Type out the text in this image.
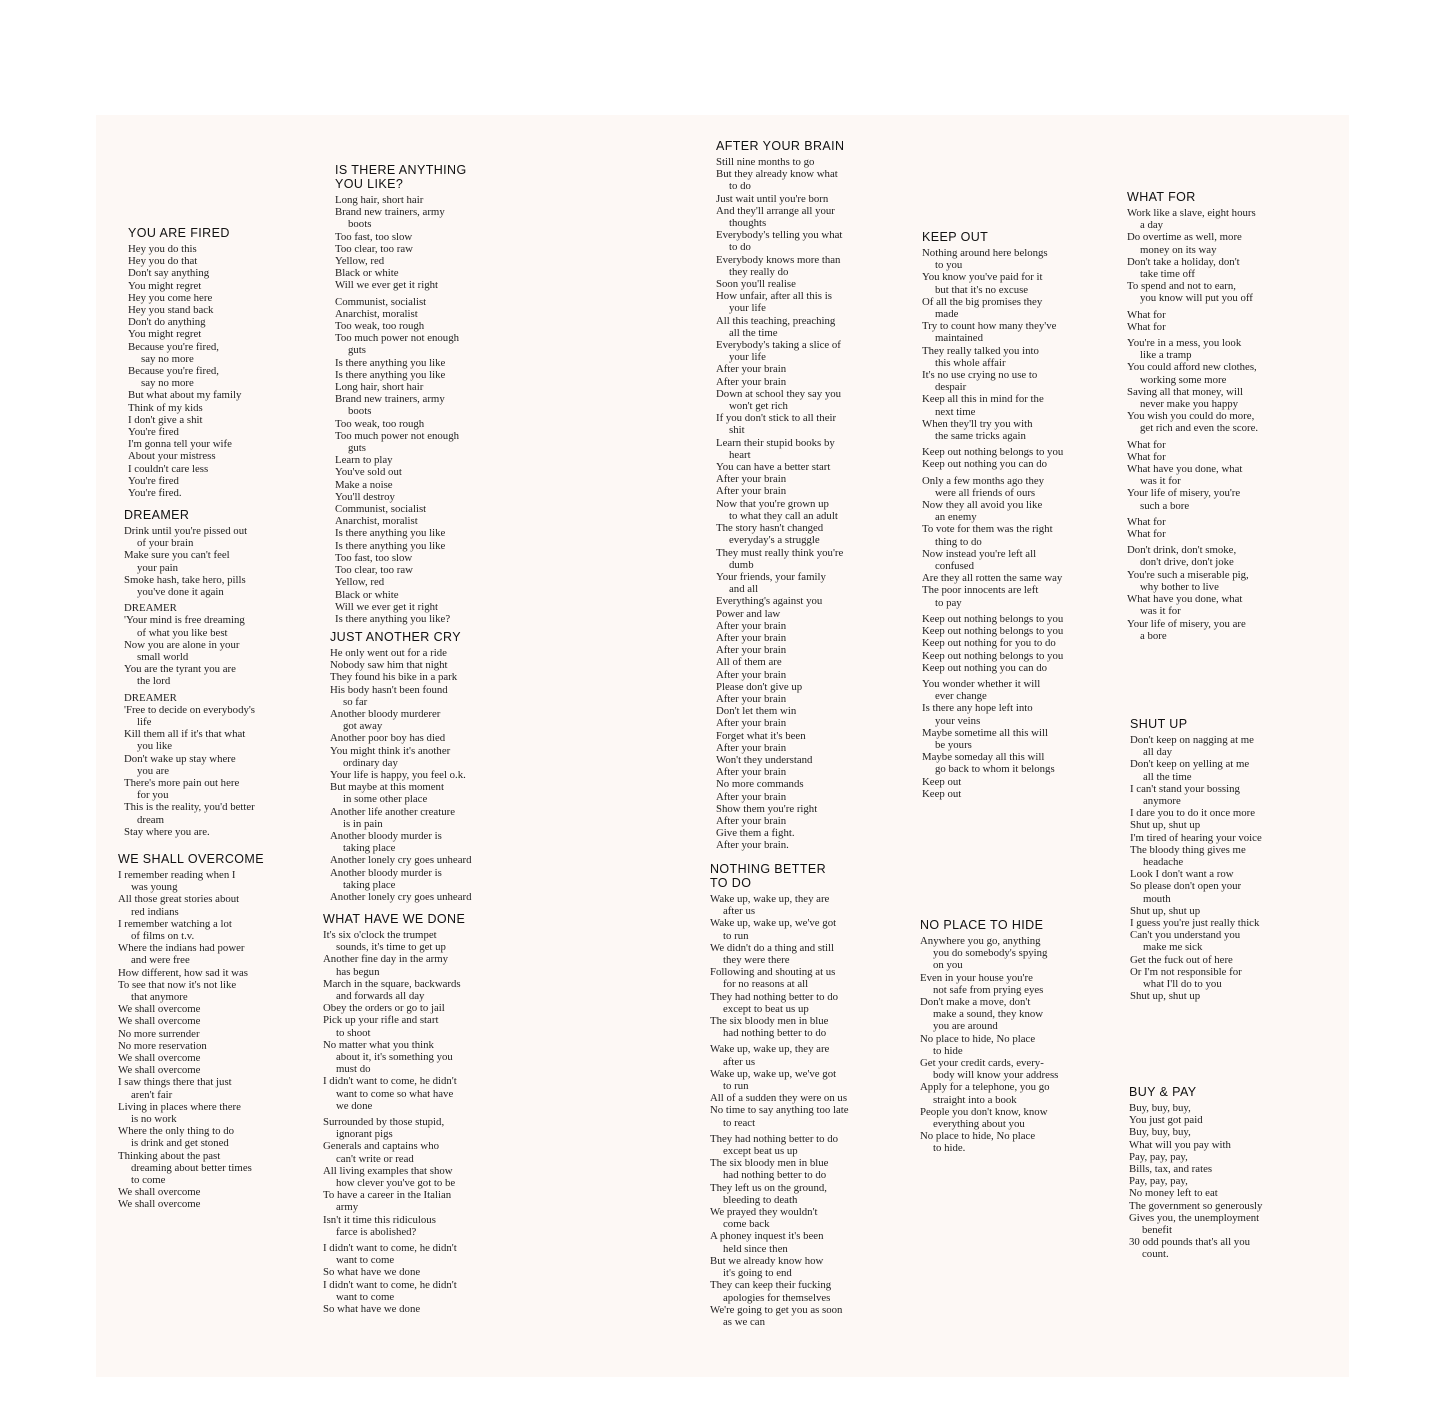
YOU ARE FIRED
Hey you do this
Hey you do that
Don't say anything
You might regret
Hey you come here
Hey you stand back
Don't do anything
You might regret
Because you're fired,
say no more
Because you're fired,
say no more
But what about my family
Think of my kids
I don't give a shit
You're fired
I'm gonna tell your wife
About your mistress
I couldn't care less
You're fired
You're fired.
DREAMER
Drink until you're pissed out
of your brain
Make sure you can't feel
your pain
Smoke hash, take hero, pills
you've done it again
DREAMER
'Your mind is free dreaming
of what you like best
Now you are alone in your
small world
You are the tyrant you are
the lord
DREAMER
'Free to decide on everybody's
life
Kill them all if it's that what
you like
Don't wake up stay where
you are
There's more pain out here
for you
This is the reality, you'd better
dream
Stay where you are.
WE SHALL OVERCOME
I remember reading when I
was young
All those great stories about
red indians
I remember watching a lot
of films on t.v.
Where the indians had power
and were free
How different, how sad it was
To see that now it's not like
that anymore
We shall overcome
We shall overcome
No more surrender
No more reservation
We shall overcome
We shall overcome
I saw things there that just
aren't fair
Living in places where there
is no work
Where the only thing to do
is drink and get stoned
Thinking about the past
dreaming about better times
to come
We shall overcome
We shall overcome
IS THERE ANYTHING
YOU LIKE?
Long hair, short hair
Brand new trainers, army
boots
Too fast, too slow
Too clear, too raw
Yellow, red
Black or white
Will we ever get it right
Communist, socialist
Anarchist, moralist
Too weak, too rough
Too much power not enough
guts
Is there anything you like
Is there anything you like
Long hair, short hair
Brand new trainers, army
boots
Too weak, too rough
Too much power not enough
guts
Learn to play
You've sold out
Make a noise
You'll destroy
Communist, socialist
Anarchist, moralist
Is there anything you like
Is there anything you like
Too fast, too slow
Too clear, too raw
Yellow, red
Black or white
Will we ever get it right
Is there anything you like?
JUST ANOTHER CRY
He only went out for a ride
Nobody saw him that night
They found his bike in a park
His body hasn't been found
so far
Another bloody murderer
got away
Another poor boy has died
You might think it's another
ordinary day
Your life is happy, you feel o.k.
But maybe at this moment
in some other place
Another life another creature
is in pain
Another bloody murder is
taking place
Another lonely cry goes unheard
Another bloody murder is
taking place
Another lonely cry goes unheard
WHAT HAVE WE DONE
It's six o'clock the trumpet
sounds, it's time to get up
Another fine day in the army
has begun
March in the square, backwards
and forwards all day
Obey the orders or go to jail
Pick up your rifle and start
to shoot
No matter what you think
about it, it's something you
must do
I didn't want to come, he didn't
want to come so what have
we done
Surrounded by those stupid,
ignorant pigs
Generals and captains who
can't write or read
All living examples that show
how clever you've got to be
To have a career in the Italian
army
Isn't it time this ridiculous
farce is abolished?
I didn't want to come, he didn't
want to come
So what have we done
I didn't want to come, he didn't
want to come
So what have we done
AFTER YOUR BRAIN
Still nine months to go
But they already know what
to do
Just wait until you're born
And they'll arrange all your
thoughts
Everybody's telling you what
to do
Everybody knows more than
they really do
Soon you'll realise
How unfair, after all this is
your life
All this teaching, preaching
all the time
Everybody's taking a slice of
your life
After your brain
After your brain
Down at school they say you
won't get rich
If you don't stick to all their
shit
Learn their stupid books by
heart
You can have a better start
After your brain
After your brain
Now that you're grown up
to what they call an adult
The story hasn't changed
everyday's a struggle
They must really think you're
dumb
Your friends, your family
and all
Everything's against you
Power and law
After your brain
After your brain
After your brain
All of them are
After your brain
Please don't give up
After your brain
Don't let them win
After your brain
Forget what it's been
After your brain
Won't they understand
After your brain
No more commands
After your brain
Show them you're right
After your brain
Give them a fight.
After your brain.
NOTHING BETTER
TO DO
Wake up, wake up, they are
after us
Wake up, wake up, we've got
to run
We didn't do a thing and still
they were there
Following and shouting at us
for no reasons at all
They had nothing better to do
except to beat us up
The six bloody men in blue
had nothing better to do
Wake up, wake up, they are
after us
Wake up, wake up, we've got
to run
All of a sudden they were on us
No time to say anything too late
to react
They had nothing better to do
except beat us up
The six bloody men in blue
had nothing better to do
They left us on the ground,
bleeding to death
We prayed they wouldn't
come back
A phoney inquest it's been
held since then
But we already know how
it's going to end
They can keep their fucking
apologies for themselves
We're going to get you as soon
as we can
KEEP OUT
Nothing around here belongs
to you
You know you've paid for it
but that it's no excuse
Of all the big promises they
made
Try to count how many they've
maintained
They really talked you into
this whole affair
It's no use crying no use to
despair
Keep all this in mind for the
next time
When they'll try you with
the same tricks again
Keep out nothing belongs to you
Keep out nothing you can do
Only a few months ago they
were all friends of ours
Now they all avoid you like
an enemy
To vote for them was the right
thing to do
Now instead you're left all
confused
Are they all rotten the same way
The poor innocents are left
to pay
Keep out nothing belongs to you
Keep out nothing belongs to you
Keep out nothing for you to do
Keep out nothing belongs to you
Keep out nothing you can do
You wonder whether it will
ever change
Is there any hope left into
your veins
Maybe sometime all this will
be yours
Maybe someday all this will
go back to whom it belongs
Keep out
Keep out
NO PLACE TO HIDE
Anywhere you go, anything
you do somebody's spying
on you
Even in your house you're
not safe from prying eyes
Don't make a move, don't
make a sound, they know
you are around
No place to hide, No place
to hide
Get your credit cards, every-
body will know your address
Apply for a telephone, you go
straight into a book
People you don't know, know
everything about you
No place to hide, No place
to hide.
WHAT FOR
Work like a slave, eight hours
a day
Do overtime as well, more
money on its way
Don't take a holiday, don't
take time off
To spend and not to earn,
you know will put you off
What for
What for
You're in a mess, you look
like a tramp
You could afford new clothes,
working some more
Saving all that money, will
never make you happy
You wish you could do more,
get rich and even the score.
What for
What for
What have you done, what
was it for
Your life of misery, you're
such a bore
What for
What for
Don't drink, don't smoke,
don't drive, don't joke
You're such a miserable pig,
why bother to live
What have you done, what
was it for
Your life of misery, you are
a bore
SHUT UP
Don't keep on nagging at me
all day
Don't keep on yelling at me
all the time
I can't stand your bossing
anymore
I dare you to do it once more
Shut up, shut up
I'm tired of hearing your voice
The bloody thing gives me
headache
Look I don't want a row
So please don't open your
mouth
Shut up, shut up
I guess you're just really thick
Can't you understand you
make me sick
Get the fuck out of here
Or I'm not responsible for
what I'll do to you
Shut up, shut up
BUY & PAY
Buy, buy, buy,
You just got paid
Buy, buy, buy,
What will you pay with
Pay, pay, pay,
Bills, tax, and rates
Pay, pay, pay,
No money left to eat
The government so generously
Gives you, the unemployment
benefit
30 odd pounds that's all you
count.
